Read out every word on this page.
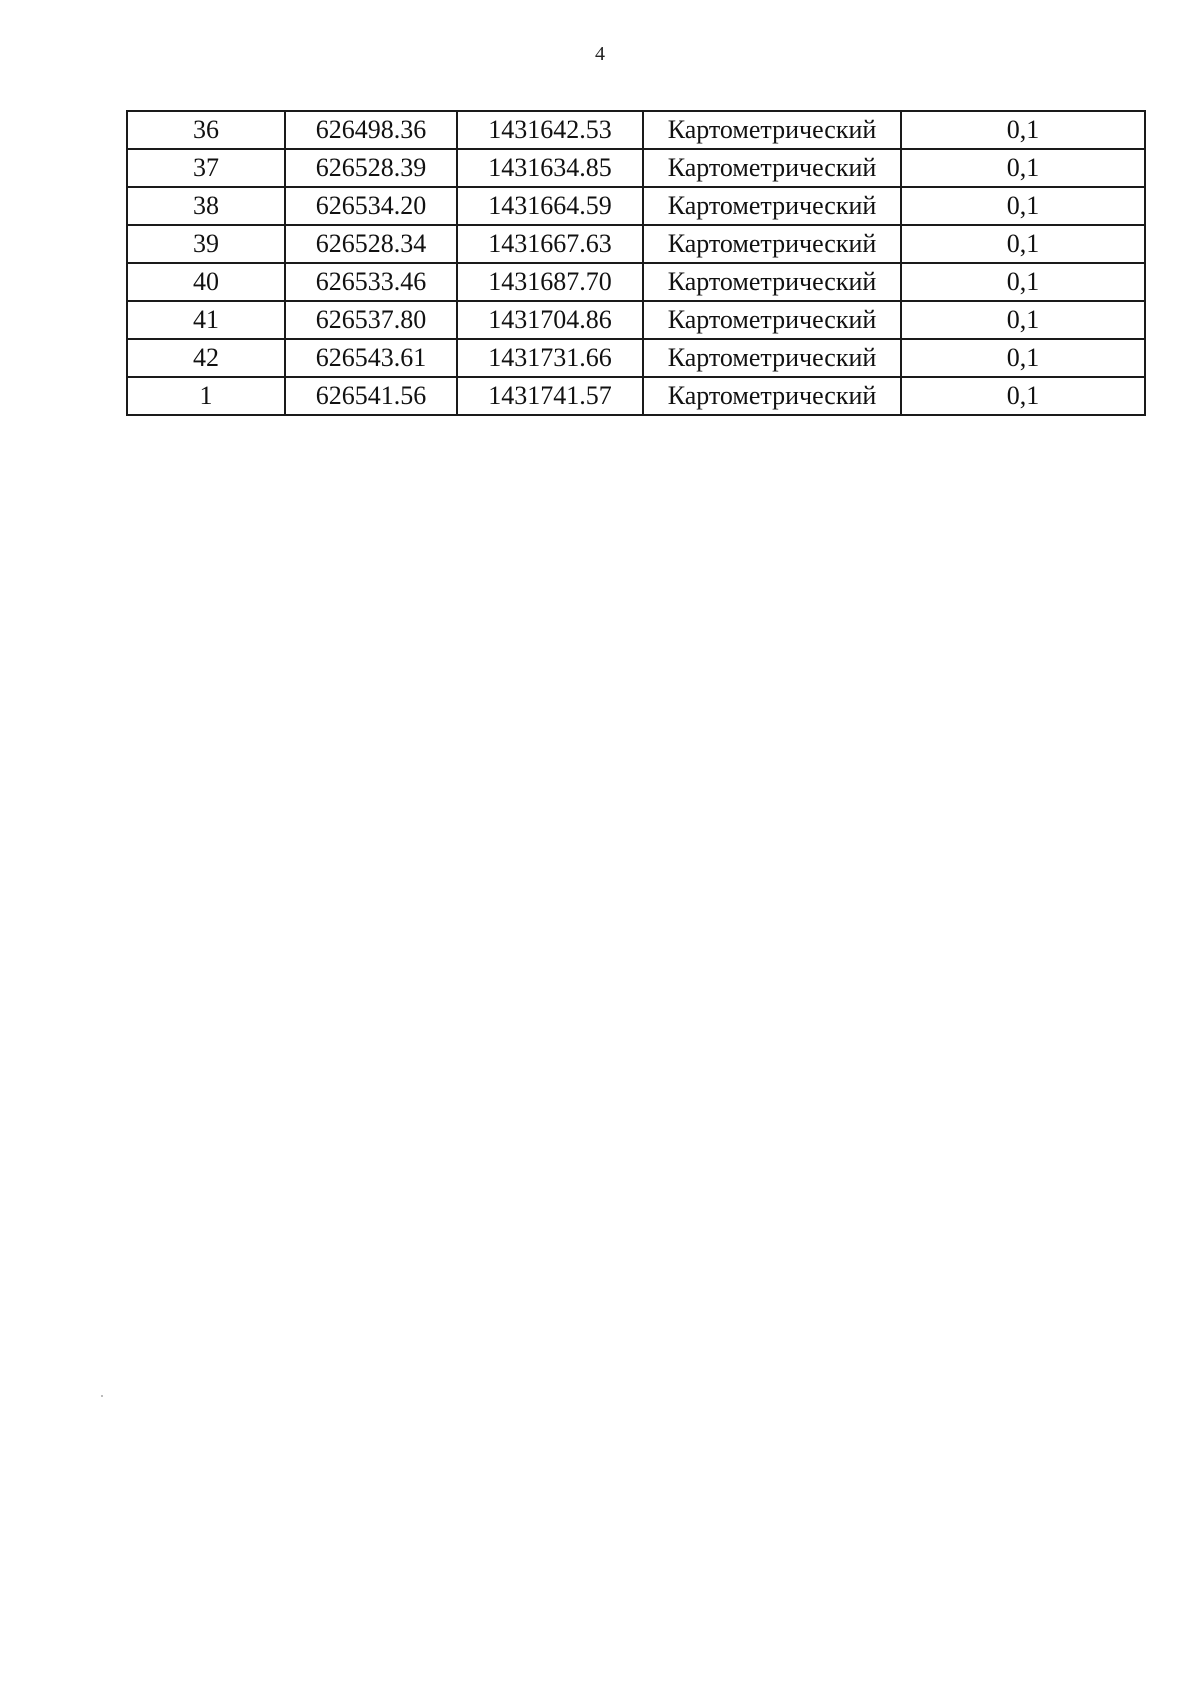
4
36	626498.36	1431642.53	Картометрический	0,1
37	626528.39	1431634.85	Картометрический	0,1
38	626534.20	1431664.59	Картометрический	0,1
39	626528.34	1431667.63	Картометрический	0,1
40	626533.46	1431687.70	Картометрический	0,1
41	626537.80	1431704.86	Картометрический	0,1
42	626543.61	1431731.66	Картометрический	0,1
1	626541.56	1431741.57	Картометрический	0,1
